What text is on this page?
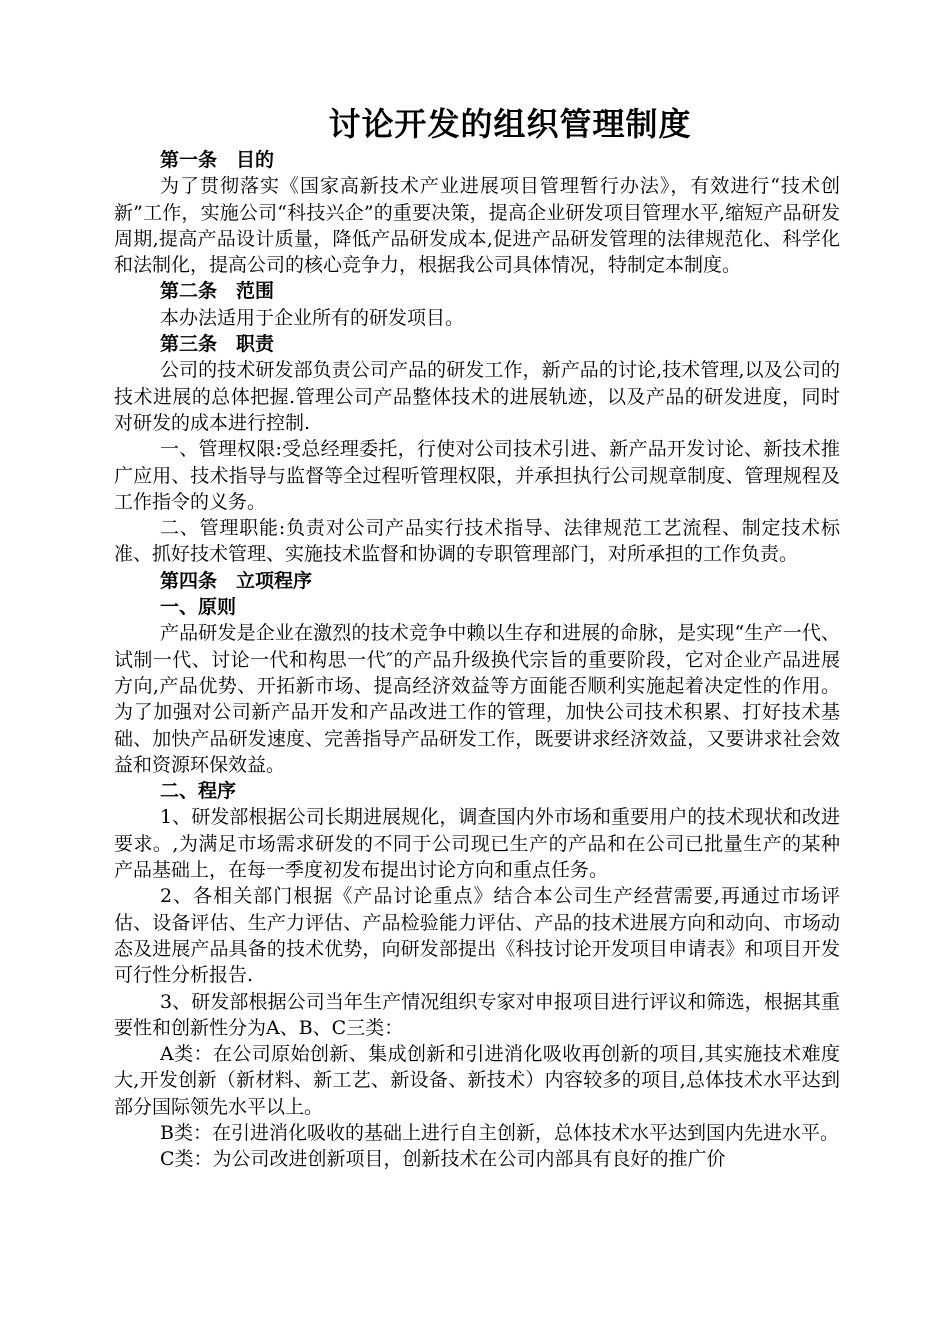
讨论开发的组织管理制度

第一条　目的

为了贯彻落实《国家高新技术产业进展项目管理暂行办法》，有效进行“技术创新”工作，实施公司“科技兴企”的重要决策，提高企业研发项目管理水平,缩短产品研发周期,提高产品设计质量，降低产品研发成本,促进产品研发管理的法律规范化、科学化和法制化，提高公司的核心竞争力，根据我公司具体情况，特制定本制度。

第二条　范围

本办法适用于企业所有的研发项目。

第三条　职责

公司的技术研发部负责公司产品的研发工作，新产品的讨论,技术管理,以及公司的技术进展的总体把握.管理公司产品整体技术的进展轨迹，以及产品的研发进度，同时对研发的成本进行控制.

一、管理权限:受总经理委托，行使对公司技术引进、新产品开发讨论、新技术推广应用、技术指导与监督等全过程听管理权限，并承担执行公司规章制度、管理规程及工作指令的义务。

二、管理职能:负责对公司产品实行技术指导、法律规范工艺流程、制定技术标准、抓好技术管理、实施技术监督和协调的专职管理部门，对所承担的工作负责。

第四条　立项程序

一、原则

产品研发是企业在激烈的技术竞争中赖以生存和进展的命脉，是实现“生产一代、试制一代、讨论一代和构思一代″的产品升级换代宗旨的重要阶段，它对企业产品进展方向,产品优势、开拓新市场、提高经济效益等方面能否顺利实施起着决定性的作用。为了加强对公司新产品开发和产品改进工作的管理，加快公司技术积累、打好技术基础、加快产品研发速度、完善指导产品研发工作，既要讲求经济效益，又要讲求社会效益和资源环保效益。

二、程序

1、研发部根据公司长期进展规化，调查国内外市场和重要用户的技术现状和改进要求。,为满足市场需求研发的不同于公司现已生产的产品和在公司已批量生产的某种产品基础上，在每一季度初发布提出讨论方向和重点任务。

2、各相关部门根据《产品讨论重点》结合本公司生产经营需要,再通过市场评估、设备评估、生产力评估、产品检验能力评估、产品的技术进展方向和动向、市场动态及进展产品具备的技术优势，向研发部提出《科技讨论开发项目申请表》和项目开发可行性分析报告.

3、研发部根据公司当年生产情况组织专家对申报项目进行评议和筛选，根据其重要性和创新性分为A、B、C三类：

A类：在公司原始创新、集成创新和引进消化吸收再创新的项目,其实施技术难度大,开发创新（新材料、新工艺、新设备、新技术）内容较多的项目,总体技术水平达到部分国际领先水平以上。

B类：在引进消化吸收的基础上进行自主创新，总体技术水平达到国内先进水平。

C类：为公司改进创新项目，创新技术在公司内部具有良好的推广价
